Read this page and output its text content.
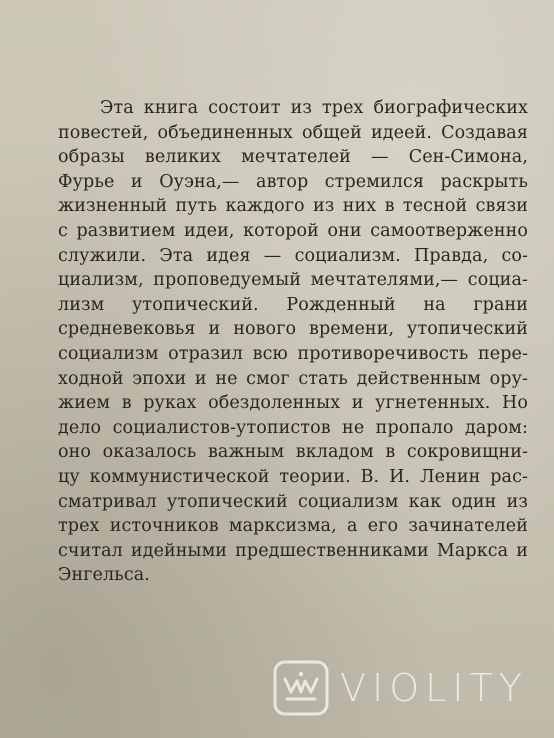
Эта книга состоит из трех биографических
повестей, объединенных общей идеей. Создавая
образы великих мечтателей — Сен-Симона,
Фурье и Оуэна,— автор стремился раскрыть
жизненный путь каждого из них в тесной связи
с развитием идеи, которой они самоотверженно
служили. Эта идея — социализм. Правда, со-
циализм, проповедуемый мечтателями,— социа-
лизм утопический. Рожденный на грани
средневековья и нового времени, утопический
социализм отразил всю противоречивость пере-
ходной эпохи и не смог стать действенным ору-
жием в руках обездоленных и угнетенных. Но
дело социалистов-утопистов не пропало даром:
оно оказалось важным вкладом в сокровищни-
цу коммунистической теории. В. И. Ленин рас-
сматривал утопический социализм как один из
трех источников марксизма, а его зачинателей
считал идейными предшественниками Маркса и
Энгельса.
VIOLITY
